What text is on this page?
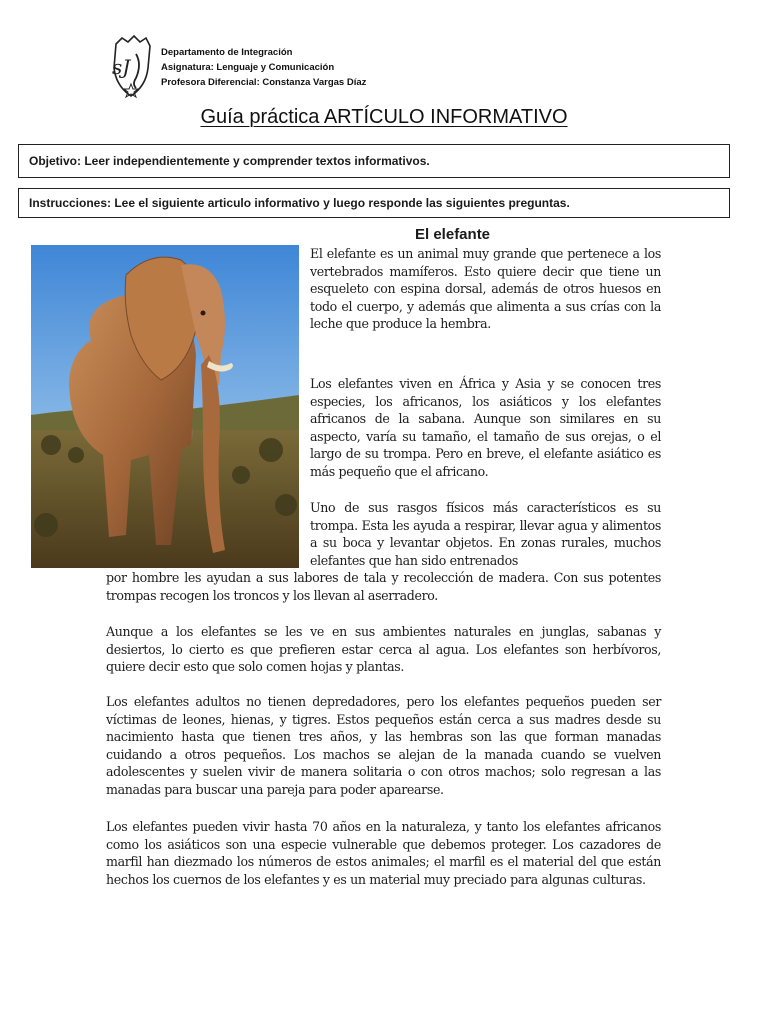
sJ
Departamento de Integración
Asignatura: Lenguaje y Comunicación
Profesora Diferencial: Constanza Vargas Díaz
Guía práctica ARTÍCULO INFORMATIVO
Objetivo: Leer independientemente y comprender textos informativos.
Instrucciones: Lee el siguiente articulo informativo y luego responde las siguientes preguntas.
El elefante

El elefante es un animal muy grande que pertenece a los vertebrados mamíferos. Esto quiere decir que tiene un esqueleto con espina dorsal, además de otros huesos en todo el cuerpo, y además que alimenta a sus crías con la leche que produce la hembra.

Los elefantes viven en África y Asia y se conocen tres especies, los africanos, los asiáticos y los elefantes africanos de la sabana. Aunque son similares en su aspecto, varía su tamaño, el tamaño de sus orejas, o el largo de su trompa. Pero en breve, el elefante asiático es más pequeño que el africano.

Uno de sus rasgos físicos más característicos es su trompa. Esta les ayuda a respirar, llevar agua y alimentos a su boca y levantar objetos. En zonas rurales, muchos elefantes que han sido entrenados

por hombre les ayudan a sus labores de tala y recolección de madera. Con sus potentes trompas recogen los troncos y los llevan al aserradero.

Aunque a los elefantes se les ve en sus ambientes naturales en junglas, sabanas y desiertos, lo cierto es que prefieren estar cerca al agua. Los elefantes son herbívoros, quiere decir esto que solo comen hojas y plantas.

Los elefantes adultos no tienen depredadores, pero los elefantes pequeños pueden ser víctimas de leones, hienas, y tigres. Estos pequeños están cerca a sus madres desde su nacimiento hasta que tienen tres años, y las hembras son las que forman manadas cuidando a otros pequeños. Los machos se alejan de la manada cuando se vuelven adolescentes y suelen vivir de manera solitaria o con otros machos; solo regresan a las manadas para buscar una pareja para poder aparearse.

Los elefantes pueden vivir hasta 70 años en la naturaleza, y tanto los elefantes africanos como los asiáticos son una especie vulnerable que debemos proteger. Los cazadores de marfil han diezmado los números de estos animales; el marfil es el material del que están hechos los cuernos de los elefantes y es un material muy preciado para algunas culturas.
